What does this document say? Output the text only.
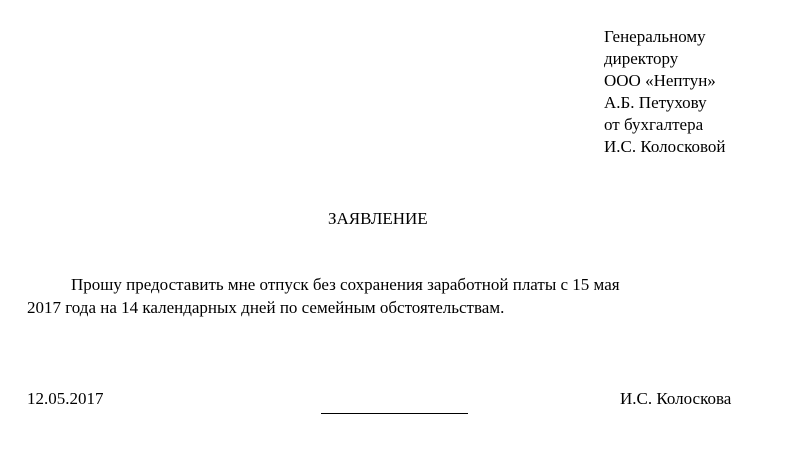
Генеральному
директору
ООО «Нептун»
А.Б. Петухову
от бухгалтера
И.С. Колосковой
ЗАЯВЛЕНИЕ
Прошу предоставить мне отпуск без сохранения заработной платы с 15 мая
2017 года на 14 календарных дней по семейным обстоятельствам.
12.05.2017	И.С. Колоскова
